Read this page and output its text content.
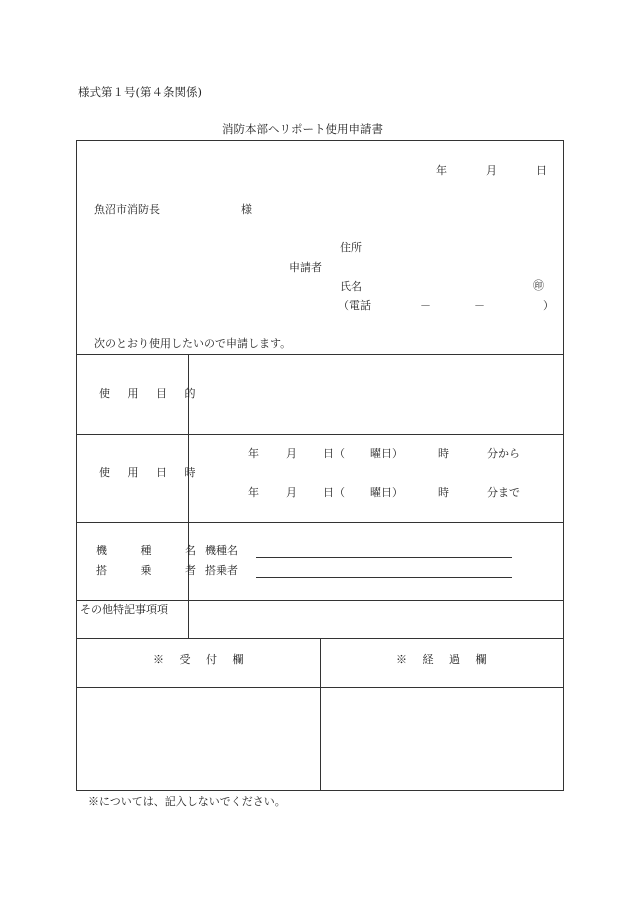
様式第１号(第４条関係)
消防本部ヘリポート使用申請書
年	月	日
魚沼市消防長	様
住所
申請者
氏名	㊞
（電話	－	－	）
次のとおり使用したいので申請します。
使 用 目 的
使 用 日 時
年 月 日（ 曜日）	時	分から
年 月 日（ 曜日）	時	分まで
機 種 名
搭 乗 者
機種名
搭乗者
その他特記事項項
※ 受 付 欄	※ 経 過 欄
※については、記入しないでください。
